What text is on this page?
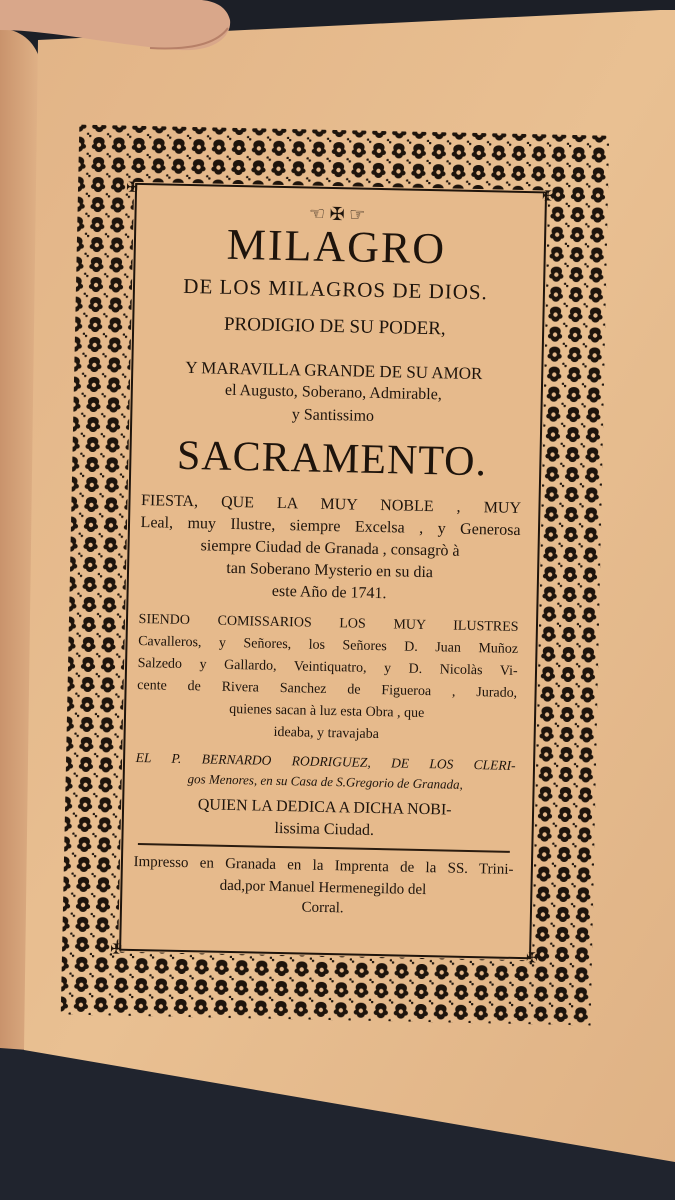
✠
✠
✠
✠
☜ ✠ ☞
MILAGRO
DE LOS MILAGROS DE DIOS.
PRODIGIO DE SU PODER,
Y MARAVILLA GRANDE DE SU AMOR
el Augusto, Soberano, Admirable,
y Santissimo
SACRAMENTO.
FIESTA, QUE LA MUY NOBLE , MUY
Leal, muy Ilustre, siempre Excelsa , y Generosa
siempre Ciudad de Granada , consagrò à
tan Soberano Mysterio en su dia
este Año de 1741.
SIENDO COMISSARIOS LOS MUY ILUSTRES
Cavalleros, y Señores, los Señores D. Juan Muñoz
Salzedo y Gallardo, Veintiquatro, y D. Nicolàs Vi-
cente de Rivera Sanchez de Figueroa , Jurado,
quienes sacan à luz esta Obra , que
ideaba, y travajaba
EL P. BERNARDO RODRIGUEZ, DE LOS CLERI-
gos Menores, en su Casa de S.Gregorio de Granada,
QUIEN LA DEDICA A DICHA NOBI-
lissima Ciudad.
Impresso en Granada en la Imprenta de la SS. Trini-
dad,por Manuel Hermenegildo del
Corral.
